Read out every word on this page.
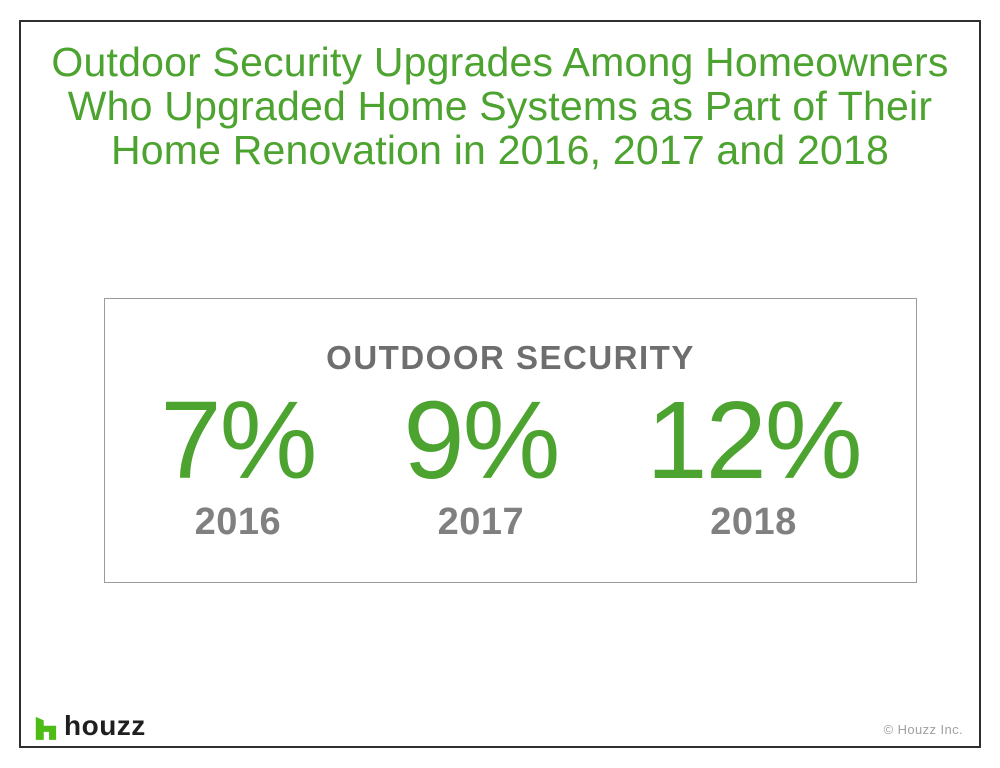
Outdoor Security Upgrades Among Homeowners
Who Upgraded Home Systems as Part of Their
Home Renovation in 2016, 2017 and 2018
OUTDOOR SECURITY
7%
2016
9%
2017
12%
2018
houzz	© Houzz Inc.
